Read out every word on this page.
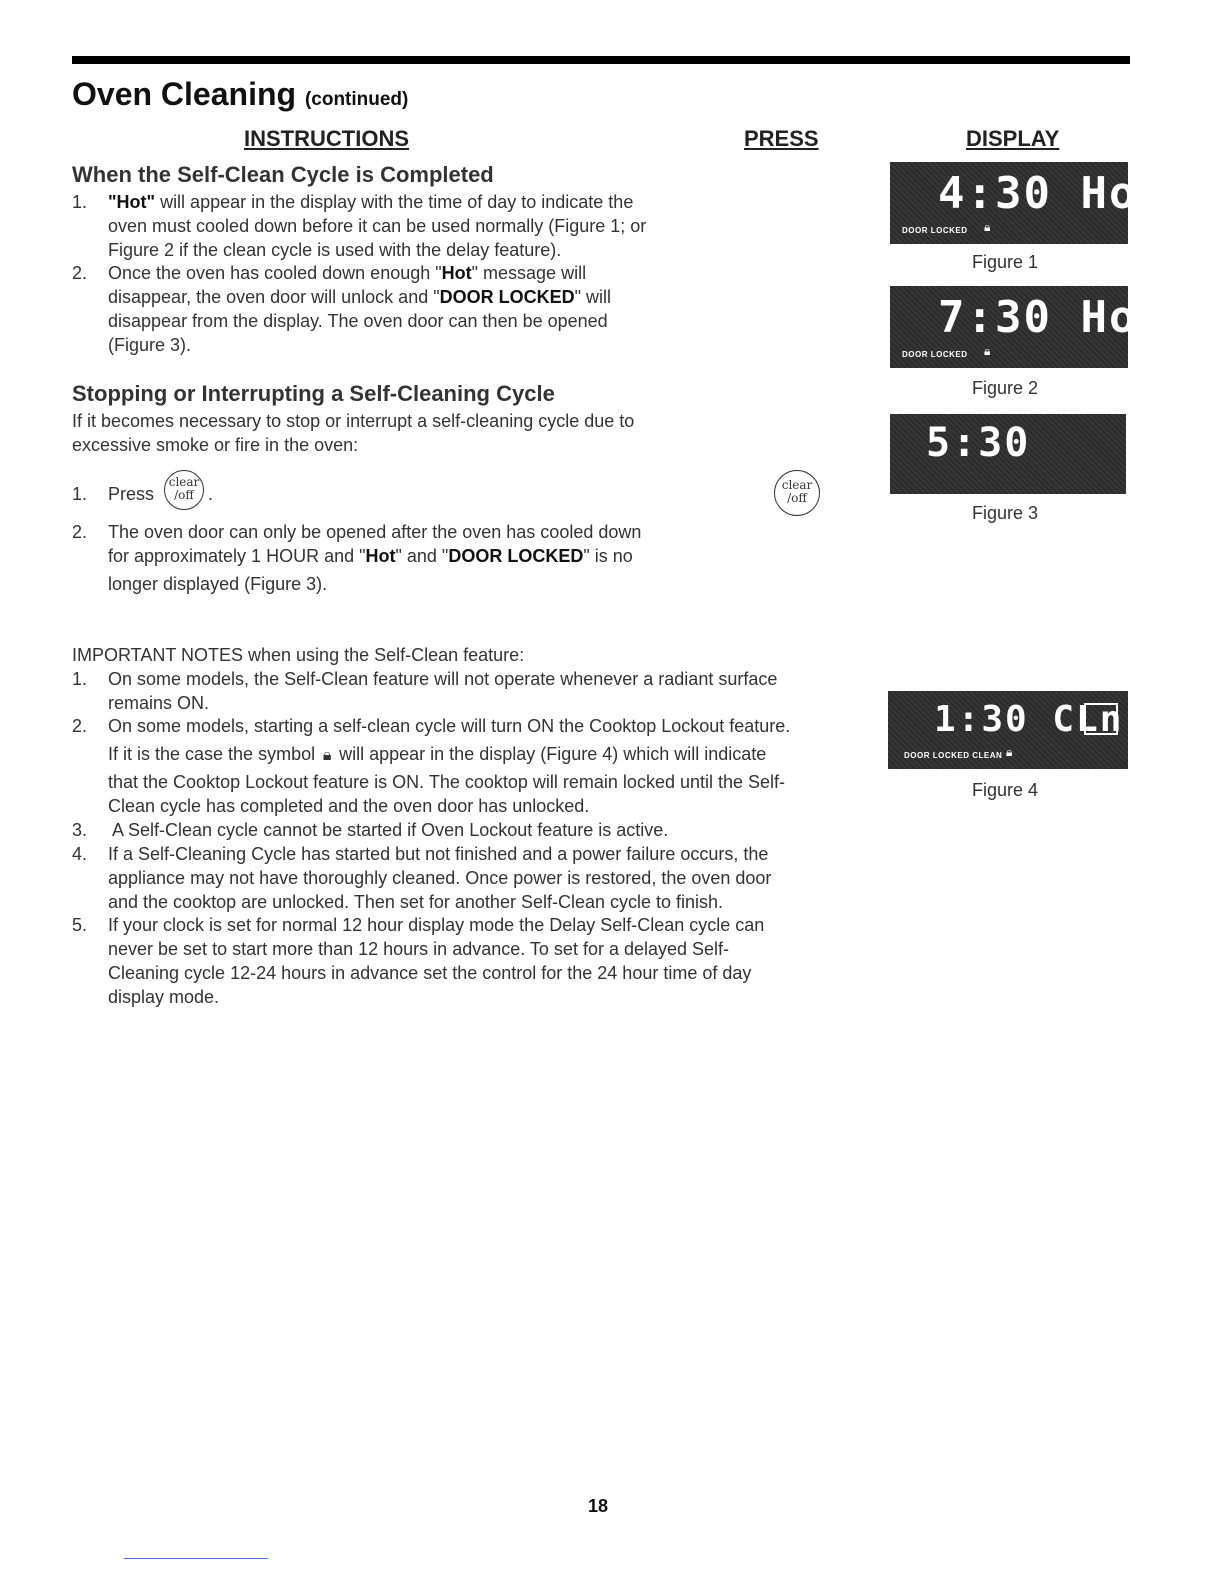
Oven Cleaning (continued)
INSTRUCTIONS	PRESS	DISPLAY
When the Self-Clean Cycle is Completed
1. "Hot" will appear in the display with the time of day to indicate the
oven must cooled down before it can be used normally (Figure 1; or
Figure 2 if the clean cycle is used with the delay feature).
2. Once the oven has cooled down enough "Hot" message will
disappear, the oven door will unlock and "DOOR LOCKED" will
disappear from the display. The oven door can then be opened
(Figure 3).
Stopping or Interrupting a Self-Cleaning Cycle
If it becomes necessary to stop or interrupt a self-cleaning cycle due to
excessive smoke or fire in the oven:
1. Press
clear
/off .	clear
/off
2. The oven door can only be opened after the oven has cooled down
for approximately 1 HOUR and "Hot" and "DOOR LOCKED" is no
longer displayed (Figure 3).
IMPORTANT NOTES when using the Self-Clean feature:
1. On some models, the Self-Clean feature will not operate whenever a radiant surface
remains ON.
2. On some models, starting a self-clean cycle will turn ON the Cooktop Lockout feature.
If it is the case the symbol 🔒︎ will appear in the display (Figure 4) which will indicate
that the Cooktop Lockout feature is ON. The cooktop will remain locked until the Self-
Clean cycle has completed and the oven door has unlocked.
3. A Self-Clean cycle cannot be started if Oven Lockout feature is active.
4. If a Self-Cleaning Cycle has started but not finished and a power failure occurs, the
appliance may not have thoroughly cleaned. Once power is restored, the oven door
and the cooktop are unlocked. Then set for another Self-Clean cycle to finish.
5. If your clock is set for normal 12 hour display mode the Delay Self-Clean cycle can
never be set to start more than 12 hours in advance. To set for a delayed Self-
Cleaning cycle 12-24 hours in advance set the control for the 24 hour time of day
display mode.
4:30 Hot
DOOR LOCKED 🔒︎
Figure 1
7:30 Hot
DOOR LOCKED 🔒︎
Figure 2
5:30
Figure 3
1:30 CLn
DOOR LOCKED CLEAN 🔒︎
Figure 4
18
